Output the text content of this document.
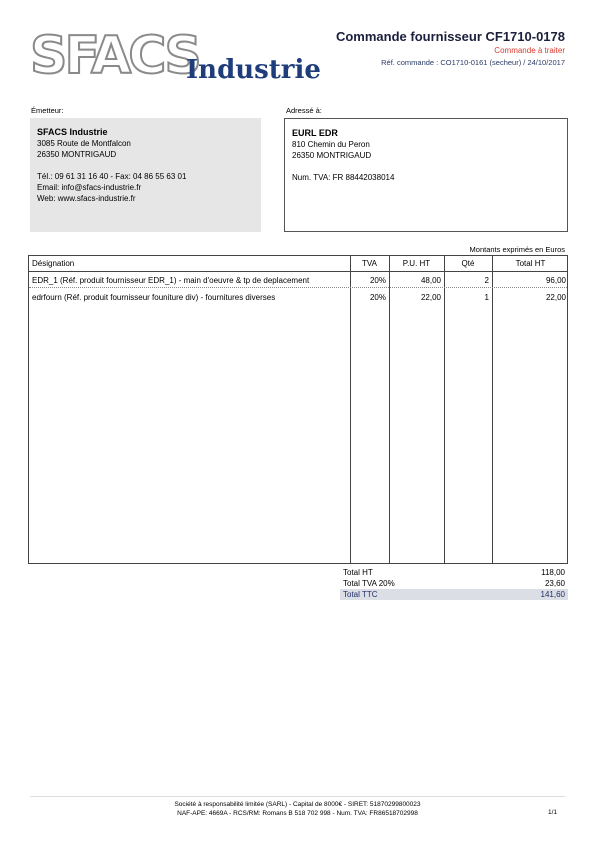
SFACS
Industrie
Commande fournisseur CF1710-0178
Commande à traiter
Réf. commande : CO1710-0161 (secheur) / 24/10/2017
Émetteur:	Adressé à:
SFACS Industrie
3085 Route de Montfalcon
26350 MONTRIGAUD
Tél.: 09 61 31 16 40 - Fax: 04 86 55 63 01
Email: info@sfacs-industrie.fr
Web: www.sfacs-industrie.fr
EURL EDR
810 Chemin du Peron
26350 MONTRIGAUD
Num. TVA: FR 88442038014
Montants exprimés en Euros
Désignation	TVA	P.U. HT	Qté	Total HT
EDR_1 (Réf. produit fournisseur EDR_1) - main d'oeuvre & tp de deplacement	20%	48,00	2	96,00
edrfourn (Réf. produit fournisseur founiture div) - fournitures diverses	20%	22,00	1	22,00
Total HT	118,00
Total TVA 20%	23,60
Total TTC	141,60
Société à responsabilité limitée (SARL) - Capital de 8000€ - SIRET: 51870299800023
NAF-APE: 4669A - RCS/RM: Romans B 518 702 998 - Num. TVA: FR86518702998	1/1
